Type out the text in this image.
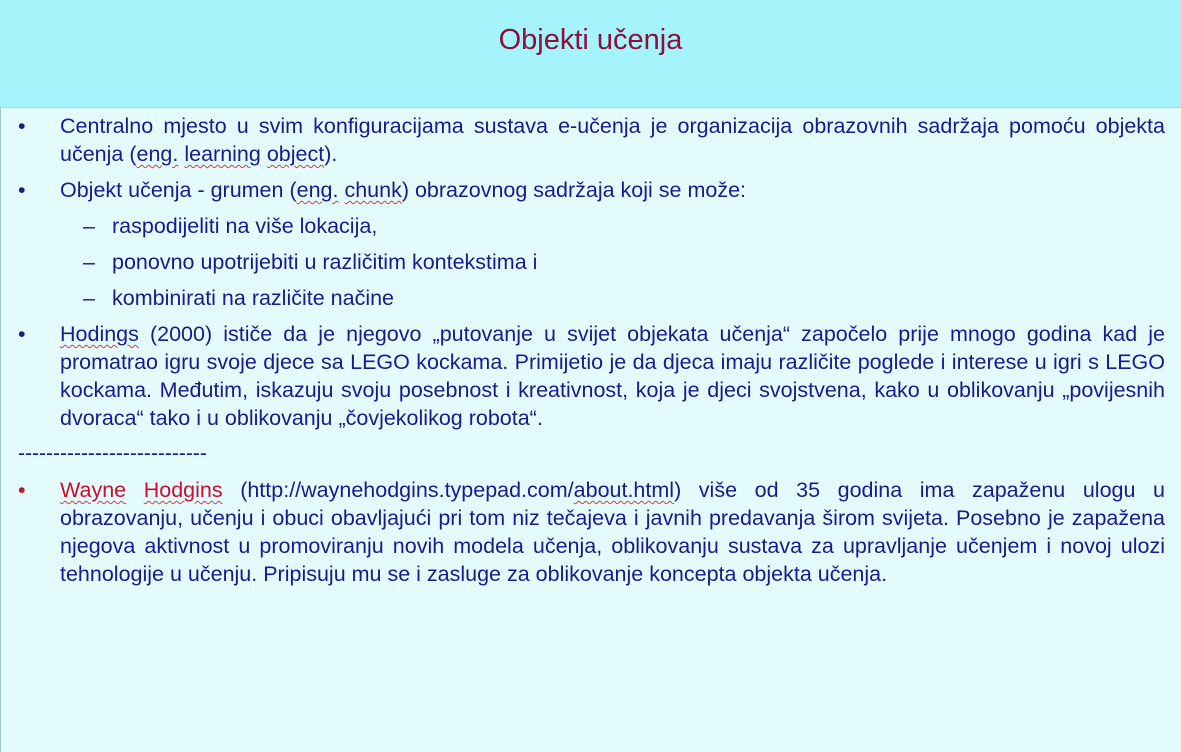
Objekti učenja
• Centralno mjesto u svim konfiguracijama sustava e-učenja je organizacija obrazovnih sadržaja pomoću objekta učenja (eng. learning object).
• Objekt učenja - grumen (eng. chunk) obrazovnog sadržaja koji se može:
– raspodijeliti na više lokacija,
– ponovno upotrijebiti u različitim kontekstima i
– kombinirati na različite načine
• Hodings (2000) ističe da je njegovo „putovanje u svijet objekata učenja“ započelo prije mnogo godina kad je promatrao igru svoje djece sa LEGO kockama. Primijetio je da djeca imaju različite poglede i interese u igri s LEGO kockama. Međutim, iskazuju svoju posebnost i kreativnost, koja je djeci svojstvena, kako u oblikovanju „povijesnih dvoraca“ tako i u oblikovanju „čovjekolikog robota“.
---------------------------
• Wayne Hodgins (http://waynehodgins.typepad.com/about.html) više od 35 godina ima zapaženu ulogu u obrazovanju, učenju i obuci obavljajući pri tom niz tečajeva i javnih predavanja širom svijeta. Posebno je zapažena njegova aktivnost u promoviranju novih modela učenja, oblikovanju sustava za upravljanje učenjem i novoj ulozi tehnologije u učenju. Pripisuju mu se i zasluge za oblikovanje koncepta objekta učenja.
